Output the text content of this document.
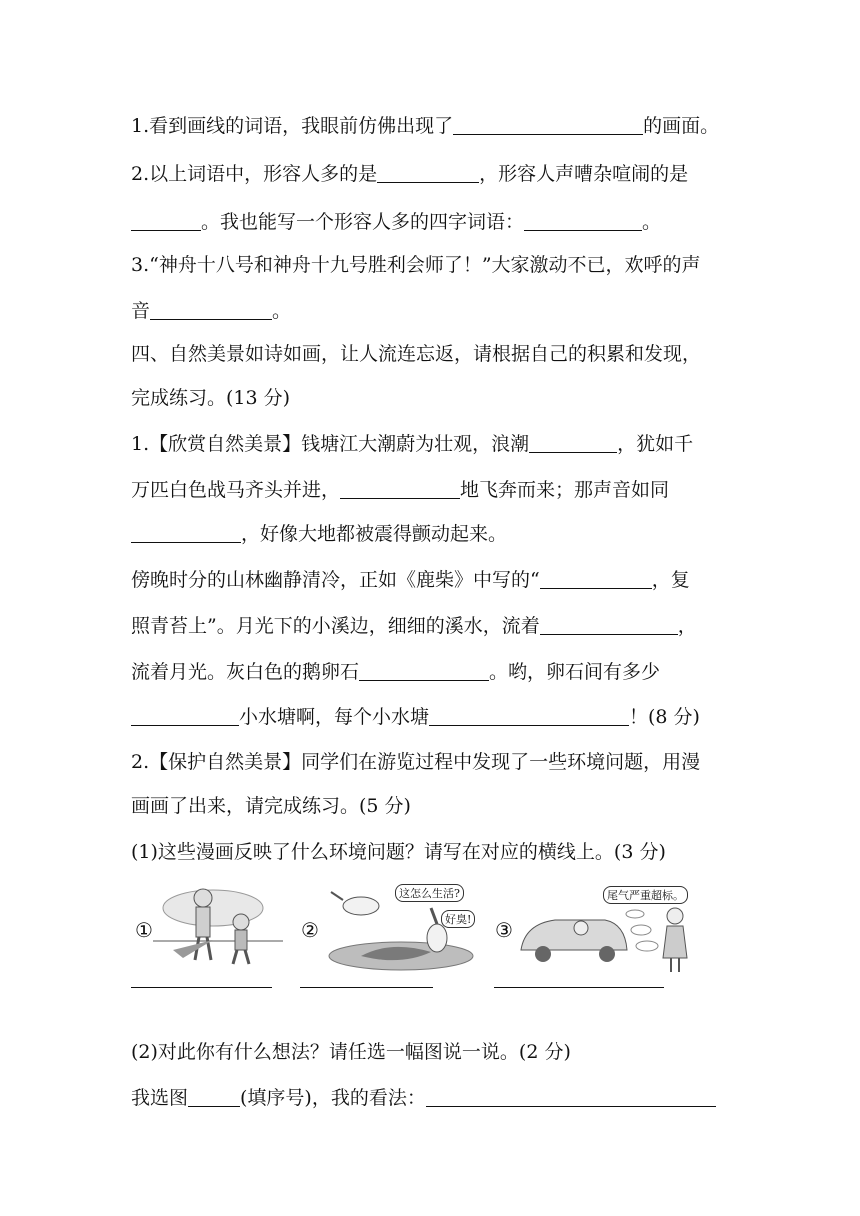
1.看到画线的词语，我眼前仿佛出现了	的画面。
2.以上词语中，形容人多的是	，形容人声嘈杂喧闹的是
。我也能写一个形容人多的四字词语：	。
3.“神舟十八号和神舟十九号胜利会师了！”大家激动不已，欢呼的声
音	。
四、自然美景如诗如画，让人流连忘返，请根据自己的积累和发现，
完成练习。(13 分)
1.【欣赏自然美景】钱塘江大潮蔚为壮观，浪潮	，犹如千
万匹白色战马齐头并进，	地飞奔而来；那声音如同
，好像大地都被震得颤动起来。
傍晚时分的山林幽静清冷，正如《鹿柴》中写的“	，复
照青苔上”。月光下的小溪边，细细的溪水，流着	，
流着月光。灰白色的鹅卵石	。哟，卵石间有多少
小水塘啊，每个小水塘	！(8 分)
2.【保护自然美景】同学们在游览过程中发现了一些环境问题，用漫
画画了出来，请完成练习。(5 分)
(1)这些漫画反映了什么环境问题？请写在对应的横线上。(3 分)
①	②
这怎么生活?
好臭! ③
尾气严重超标。
(2)对此你有什么想法？请任选一幅图说一说。(2 分)
我选图	(填序号)，我的看法：
